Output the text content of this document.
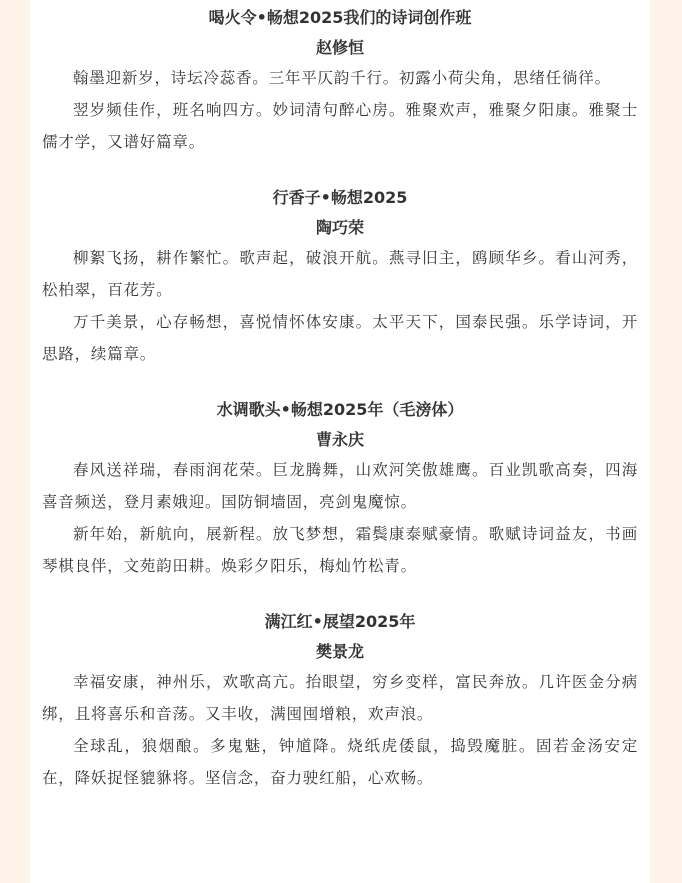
喝火令•畅想2025我们的诗词创作班
赵修恒

翰墨迎新岁，诗坛冷蕊香。三年平仄韵千行。初露小荷尖角，思绪任徜徉。

翌岁频佳作，班名响四方。妙词清句醉心房。雅聚欢声，雅聚夕阳康。雅聚士儒才学，又谱好篇章。

行香子•畅想2025
陶巧荣

柳絮飞扬，耕作繁忙。歌声起，破浪开航。燕寻旧主，鸥顾华乡。看山河秀，松柏翠，百花芳。

万千美景，心存畅想，喜悦情怀体安康。太平天下，国泰民强。乐学诗词，开思路，续篇章。

水调歌头•畅想2025年（毛滂体）
曹永庆

春风送祥瑞，春雨润花荣。巨龙腾舞，山欢河笑傲雄鹰。百业凯歌高奏，四海喜音频送，登月素娥迎。国防铜墙固，亮剑鬼魔惊。

新年始，新航向，展新程。放飞梦想，霜鬓康泰赋豪情。歌赋诗词益友，书画琴棋良伴，文苑韵田耕。焕彩夕阳乐，梅灿竹松青。

满江红•展望2025年
樊景龙

幸福安康，神州乐，欢歌高亢。抬眼望，穷乡变样，富民奔放。几许医金分病绑，且将喜乐和音荡。又丰收，满囤囤增粮，欢声浪。

全球乱，狼烟酿。多鬼魅，钟馗降。烧纸虎倭鼠，捣毁魔脏。固若金汤安定在，降妖捉怪貔貅将。坚信念，奋力驶红船，心欢畅。
